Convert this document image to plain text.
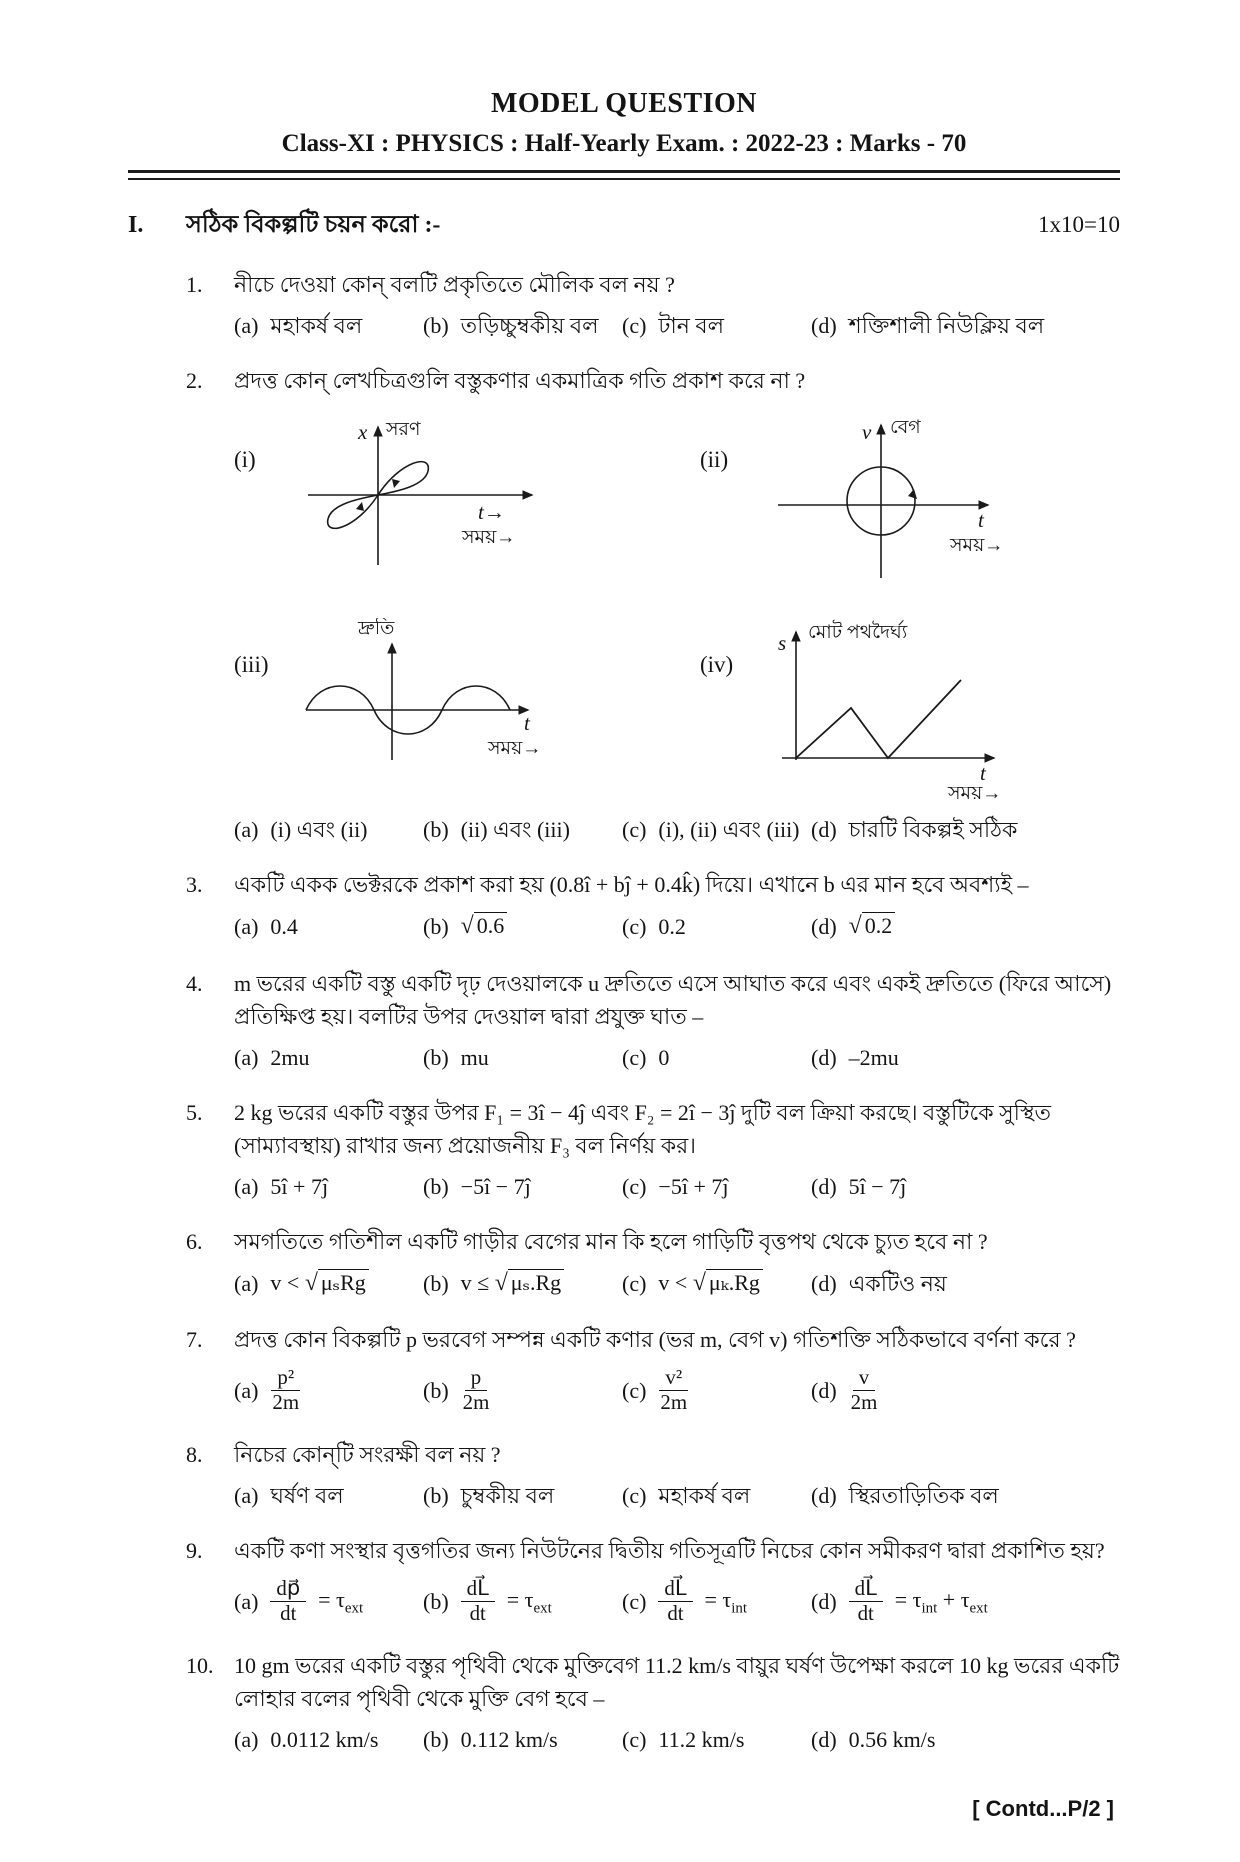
MODEL QUESTION
Class-XI : PHYSICS : Half-Yearly Exam. : 2022-23 : Marks - 70
I.	সঠিক বিকল্পটি চয়ন করো :-	1x10=10
1.	নীচে দেওয়া কোন্ বলটি প্রকৃতিতে মৌলিক বল নয় ?
(a) মহাকর্ষ বল	(b) তড়িচ্চুম্বকীয় বল (c) টান বল	(d) শক্তিশালী নিউক্লিয় বল
2.	প্রদত্ত কোন্ লেখচিত্রগুলি বস্তুকণার একমাত্রিক গতি প্রকাশ করে না ?
(i)
x সরণ
t→
সময়→
(ii)
v বেগ
t
সময়→
(iii)
দ্রুতি
t
সময়→
(iv)
s মোট পথদৈর্ঘ্য
t
সময়→
(a) (i) এবং (ii)	(b) (ii) এবং (iii) (c) (i), (ii) এবং (iii) (d) চারটি বিকল্পই সঠিক
3.	একটি একক ভেক্টরকে প্রকাশ করা হয় (0.8î + bĵ + 0.4k̂) দিয়ে। এখানে b এর মান হবে অবশ্যই –
(a) 0.4	(b) √ 0.6	(c) 0.2	(d) √ 0.2
4.	m ভরের একটি বস্তু একটি দৃঢ় দেওয়ালকে u দ্রুতিতে এসে আঘাত করে এবং একই দ্রুতিতে (ফিরে আসে) প্রতিক্ষিপ্ত হয়। বলটির উপর দেওয়াল দ্বারা প্রযুক্ত ঘাত –
(a) 2mu	(b) mu	(c) 0	(d) –2mu
5.	2 kg ভরের একটি বস্তুর উপর F₁ = 3î − 4ĵ এবং F₂ = 2î − 3ĵ দুটি বল ক্রিয়া করছে। বস্তুটিকে সুস্থিত (সাম্যাবস্থায়) রাখার জন্য প্রয়োজনীয় F₃ বল নির্ণয় কর।
(a) 5î + 7ĵ	(b) −5î − 7ĵ	(c) −5î + 7ĵ	(d) 5î − 7ĵ
6.	সমগতিতে গতিশীল একটি গাড়ীর বেগের মান কি হলে গাড়িটি বৃত্তপথ থেকে চ্যুত হবে না ?
(a) v < √ μₛRg	(b) v ≤ √ μₛ.Rg	(c) v < √ μₖ.Rg (d) একটিও নয়
7.	প্রদত্ত কোন বিকল্পটি p ভরবেগ সম্পন্ন একটি কণার (ভর m, বেগ v) গতিশক্তি সঠিকভাবে বর্ণনা করে ?
$(a) \frac{\text{p²}}{2m}$	$(b) \frac{p}{2m}$	$(c) \frac{\text{v²}}{2m}$	$(d) \frac{v}{2m}$
8.	নিচের কোন্‌টি সংরক্ষী বল নয় ?
(a) ঘর্ষণ বল	(b) চুম্বকীয় বল	(c) মহাকর্ষ বল	(d) স্থিরতাড়িতিক বল
9.	একটি কণা সংস্থার বৃত্তগতির জন্য নিউটনের দ্বিতীয় গতিসূত্রটি নিচের কোন সমীকরণ দ্বারা প্রকাশিত হয়?
$(a) \frac{dp⃗}{dt} = \tau_{ext}$	$(b) \frac{dL⃗}{dt} = \tau_{ext}$	$(c) \frac{dL⃗}{dt} = \tau_{int}$	$(d) \frac{dL⃗}{dt} = \tau_{int} + \tau_{ext}$
10. 10 gm ভরের একটি বস্তুর পৃথিবী থেকে মুক্তিবেগ 11.2 km/s বায়ুর ঘর্ষণ উপেক্ষা করলে 10 kg ভরের একটি লোহার বলের পৃথিবী থেকে মুক্তি বেগ হবে –
(a) 0.0112 km/s (b) 0.112 km/s	(c) 11.2 km/s	(d) 0.56 km/s
[ Contd...P/2 ]
